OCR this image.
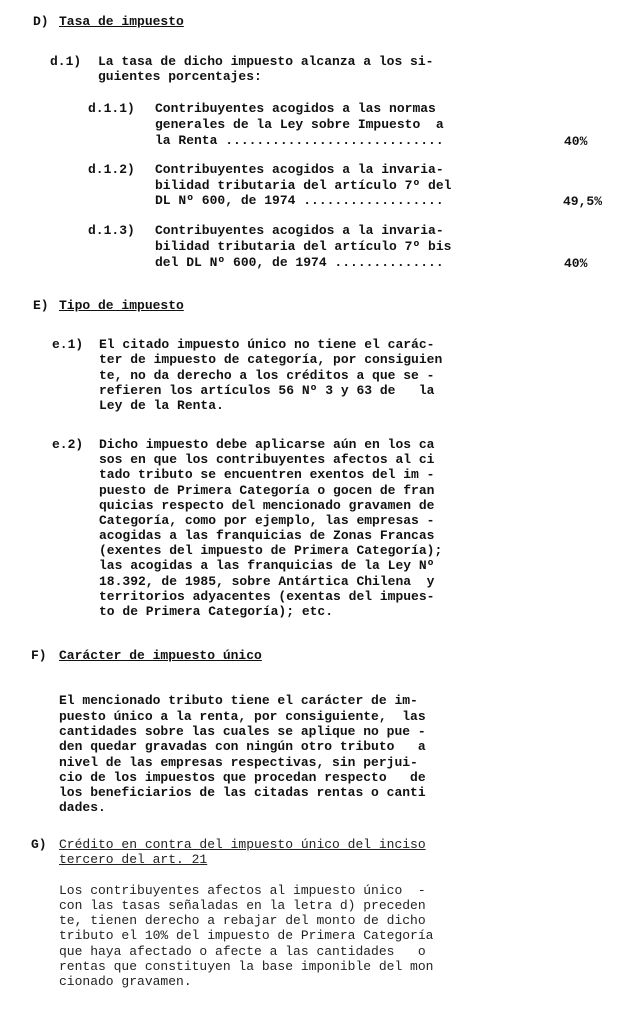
D) Tasa de impuesto
d.1) La tasa de dicho impuesto alcanza a los si-
guientes porcentajes:
d.1.1) Contribuyentes acogidos a las normas
generales de la Ley sobre Impuesto  a
la Renta ............................	40%
d.1.2) Contribuyentes acogidos a la invaria-
bilidad tributaria del artículo 7º del
DL Nº 600, de 1974 ..................	49,5%
d.1.3) Contribuyentes acogidos a la invaria-
bilidad tributaria del artículo 7º bis
del DL Nº 600, de 1974 ..............	40%
E) Tipo de impuesto
e.1) El citado impuesto único no tiene el carác-
ter de impuesto de categoría, por consiguien
te, no da derecho a los créditos a que se -
refieren los artículos 56 Nº 3 y 63 de   la
Ley de la Renta.
e.2) Dicho impuesto debe aplicarse aún en los ca
sos en que los contribuyentes afectos al ci
tado tributo se encuentren exentos del im -
puesto de Primera Categoría o gocen de fran
quicias respecto del mencionado gravamen de
Categoría, como por ejemplo, las empresas -
acogidas a las franquicias de Zonas Francas
(exentes del impuesto de Primera Categoría);
las acogidas a las franquicias de la Ley Nº
18.392, de 1985, sobre Antártica Chilena  y
territorios adyacentes (exentas del impues-
to de Primera Categoría); etc.
F) Carácter de impuesto único
El mencionado tributo tiene el carácter de im-
puesto único a la renta, por consiguiente,  las
cantidades sobre las cuales se aplique no pue -
den quedar gravadas con ningún otro tributo   a
nivel de las empresas respectivas, sin perjui-
cio de los impuestos que procedan respecto   de
los beneficiarios de las citadas rentas o canti
dades.
G) Crédito en contra del impuesto único del inciso
tercero del art. 21
Los contribuyentes afectos al impuesto único  -
con las tasas señaladas en la letra d) preceden
te, tienen derecho a rebajar del monto de dicho
tributo el 10% del impuesto de Primera Categoría
que haya afectado o afecte a las cantidades   o
rentas que constituyen la base imponible del mon
cionado gravamen.
